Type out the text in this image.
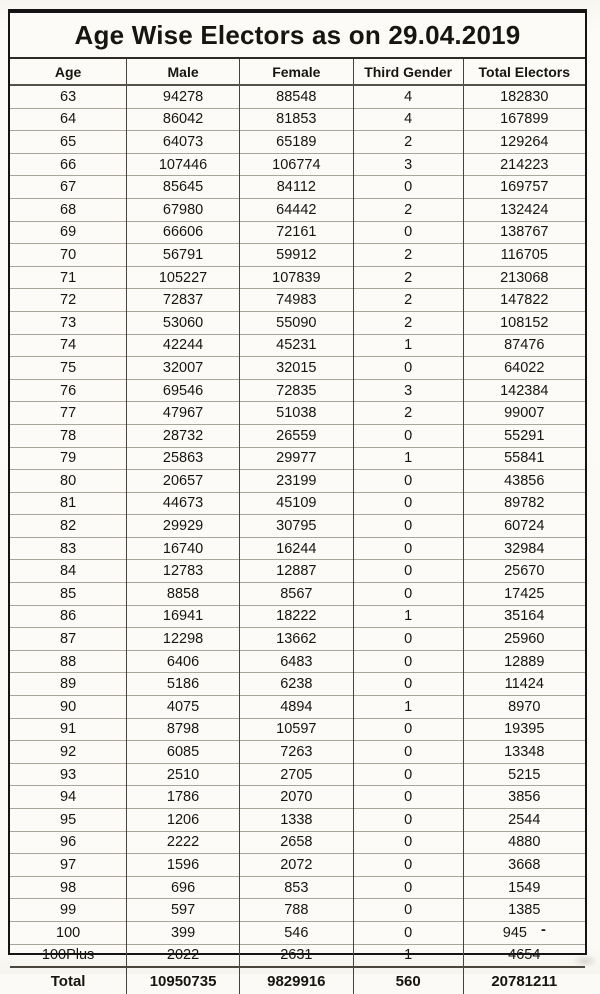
Age Wise Electors as on 29.04.2019
Age	Male	Female	Third Gender	Total Electors
63	94278	88548	4	182830
64	86042	81853	4	167899
65	64073	65189	2	129264
66	107446	106774	3	214223
67	85645	84112	0	169757
68	67980	64442	2	132424
69	66606	72161	0	138767
70	56791	59912	2	116705
71	105227	107839	2	213068
72	72837	74983	2	147822
73	53060	55090	2	108152
74	42244	45231	1	87476
75	32007	32015	0	64022
76	69546	72835	3	142384
77	47967	51038	2	99007
78	28732	26559	0	55291
79	25863	29977	1	55841
80	20657	23199	0	43856
81	44673	45109	0	89782
82	29929	30795	0	60724
83	16740	16244	0	32984
84	12783	12887	0	25670
85	8858	8567	0	17425
86	16941	18222	1	35164
87	12298	13662	0	25960
88	6406	6483	0	12889
89	5186	6238	0	11424
90	4075	4894	1	8970
91	8798	10597	0	19395
92	6085	7263	0	13348
93	2510	2705	0	5215
94	1786	2070	0	3856
95	1206	1338	0	2544
96	2222	2658	0	4880
97	1596	2072	0	3668
98	696	853	0	1549
99	597	788	0	1385
100	399	546	0	945 -
100Plus	2022	2631	1	4654
Total	10950735	9829916	560	20781211
